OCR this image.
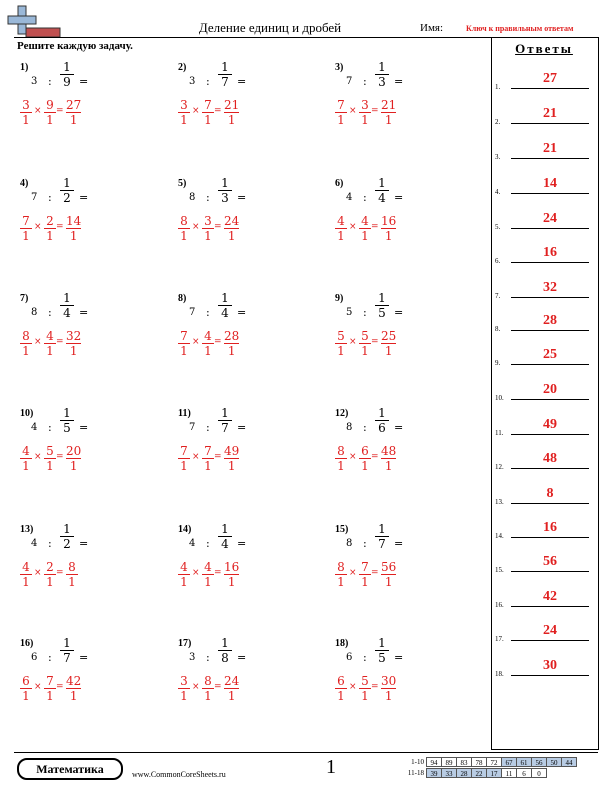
Деление единиц и дробей	Имя:	Ключ к правильным ответам
Решите каждую задачу.	Ответы
1.
27
2.
21
3.
21
4.
14
5.
24
6.
16
7.
32
8.
28
9.
25
10.
20
11.
49
12.
48
13.
8
14.
16
15.
56
16.
42
17.
24
18.
30
1)
3 :
1
9 =
3
1
9
1
27
1
× =
2)
3 :
1
7 =
3
1
7
1
21
1
× =
3)
7 :
1
3 =
7
1
3
1
21
1
× =
4)
7 :
1
2 =
7
1
2
1
14
1
× =
5)
8 :
1
3 =
8
1
3
1
24
1
× =
6)
4 :
1
4 =
4
1
4
1
16
1
× =
7)
8 :
1
4 =
8
1
4
1
32
1
× =
8)
7 :
1
4 =
7
1
4
1
28
1
× =
9)
5 :
1
5 =
5
1
5
1
25
1
× =
10)
4 :
1
5 =
4
1
5
1
20
1
× =
11)
7 :
1
7 =
7
1
7
1
49
1
× =
12)
8 :
1
6 =
8
1
6
1
48
1
× =
13)
4 :
1
2 =
4
1
2
1
8
1
× =
14)
4 :
1
4 =
4
1
4
1
16
1
× =
15)
8 :
1
7 =
8
1
7
1
56
1
× =
16)
6 :
1
7 =
6
1
7
1
42
1
× =
17)
3 :
1
8 =
3
1
8
1
24
1
× =
18)
6 :
1
5 =
6
1
5
1
30
1
× =
Математика	www.CommonCoreSheets.ru	1	1-10 94	89	83	78	72	67	61	56	50	44
11-18 39	33	28	22	17	11	6	0
